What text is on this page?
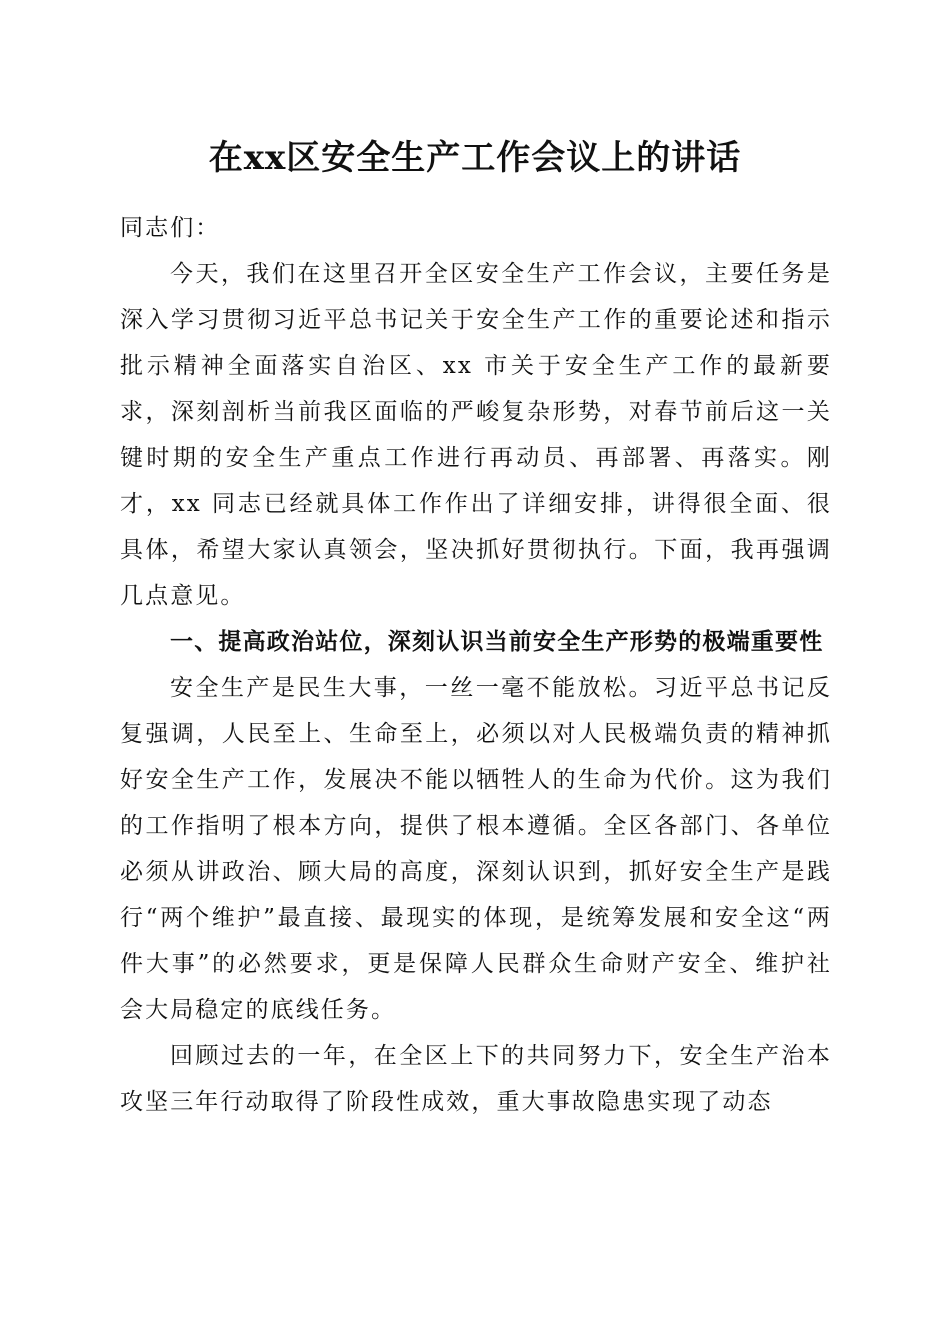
在xx区安全生产工作会议上的讲话

同志们：

今天，我们在这里召开全区安全生产工作会议，主要任务是深入学习贯彻习近平总书记关于安全生产工作的重要论述和指示批示精神全面落实自治区、xx 市关于安全生产工作的最新要求，深刻剖析当前我区面临的严峻复杂形势，对春节前后这一关键时期的安全生产重点工作进行再动员、再部署、再落实。刚才，xx 同志已经就具体工作作出了详细安排，讲得很全面、很具体，希望大家认真领会，坚决抓好贯彻执行。下面，我再强调几点意见。

一、提高政治站位，深刻认识当前安全生产形势的极端重要性

安全生产是民生大事，一丝一毫不能放松。习近平总书记反复强调，人民至上、生命至上，必须以对人民极端负责的精神抓好安全生产工作，发展决不能以牺牲人的生命为代价。这为我们的工作指明了根本方向，提供了根本遵循。全区各部门、各单位必须从讲政治、顾大局的高度，深刻认识到，抓好安全生产是践行“两个维护”最直接、最现实的体现，是统筹发展和安全这“两件大事”的必然要求，更是保障人民群众生命财产安全、维护社会大局稳定的底线任务。

回顾过去的一年，在全区上下的共同努力下，安全生产治本攻坚三年行动取得了阶段性成效，重大事故隐患实现了动态
